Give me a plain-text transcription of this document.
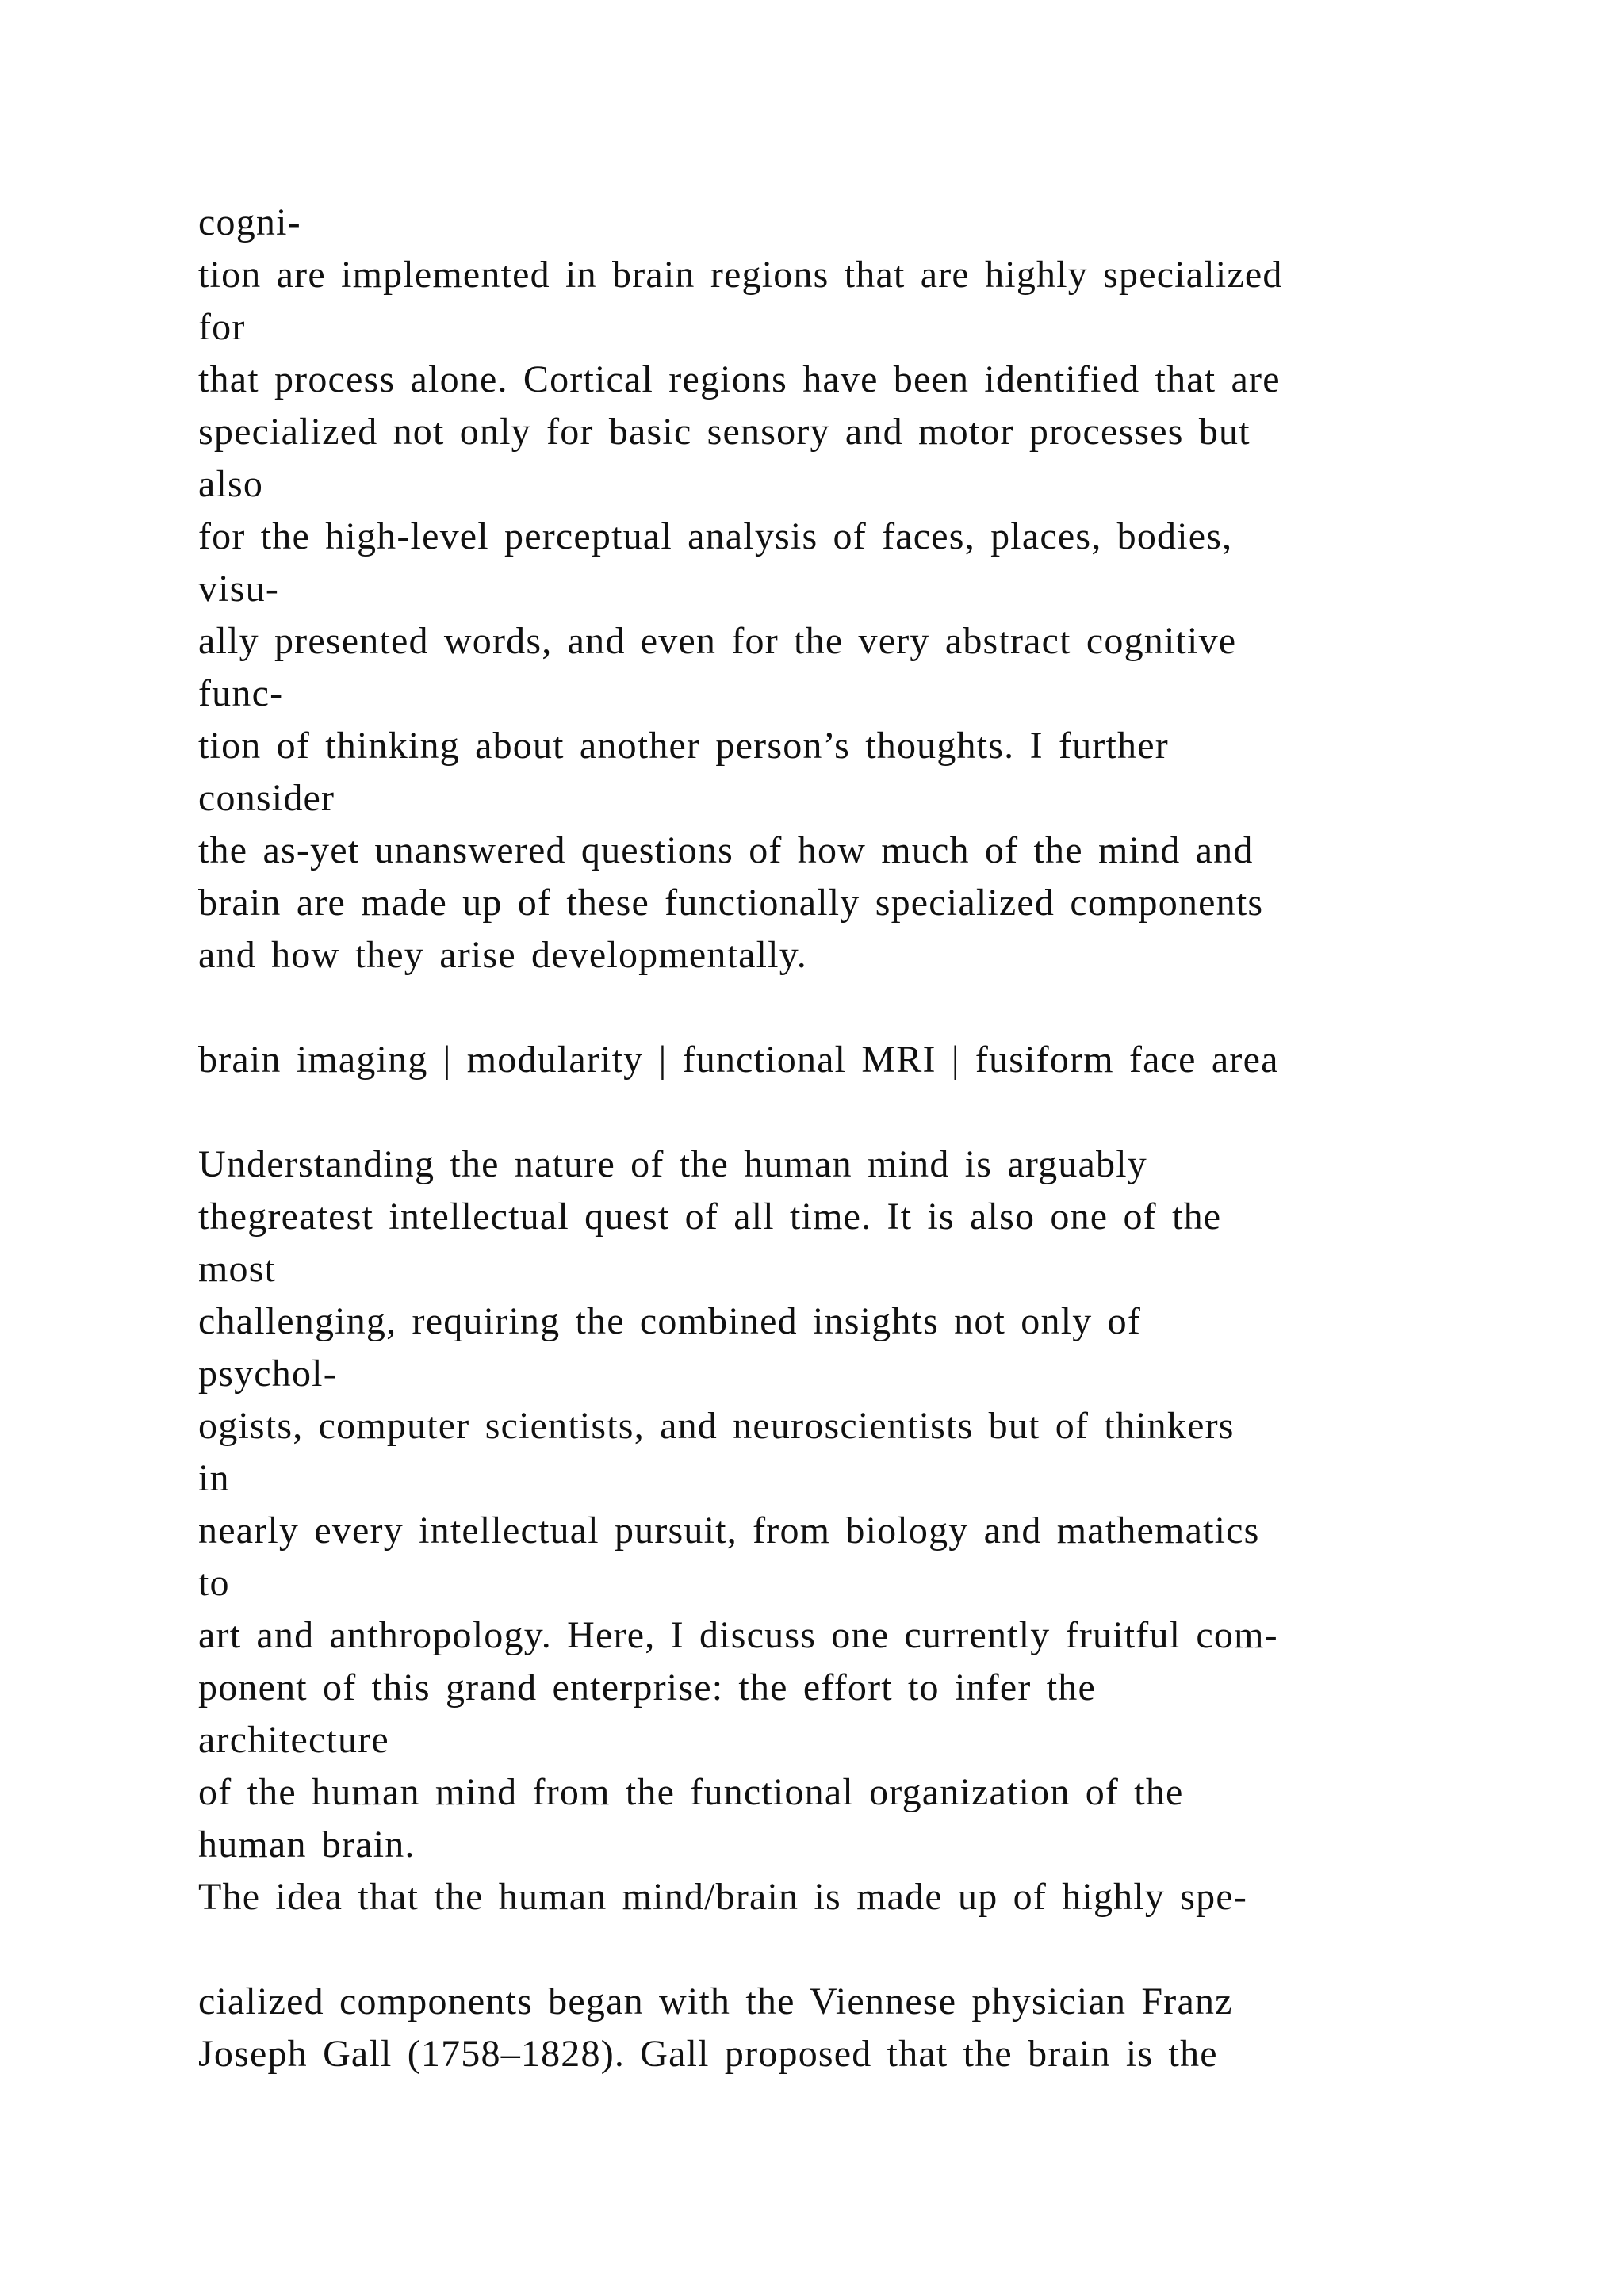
cogni-
tion are implemented in brain regions that are highly specialized
for
that process alone. Cortical regions have been identified that are
specialized not only for basic sensory and motor processes but
also
for the high-level perceptual analysis of faces, places, bodies,
visu-
ally presented words, and even for the very abstract cognitive
func-
tion of thinking about another person’s thoughts. I further
consider
the as-yet unanswered questions of how much of the mind and
brain are made up of these functionally specialized components
and how they arise developmentally.
brain imaging | modularity | functional MRI | fusiform face area
Understanding the nature of the human mind is arguably
thegreatest intellectual quest of all time. It is also one of the
most
challenging, requiring the combined insights not only of
psychol-
ogists, computer scientists, and neuroscientists but of thinkers
in
nearly every intellectual pursuit, from biology and mathematics
to
art and anthropology. Here, I discuss one currently fruitful com-
ponent of this grand enterprise: the effort to infer the
architecture
of the human mind from the functional organization of the
human brain.
The idea that the human mind/brain is made up of highly spe-
cialized components began with the Viennese physician Franz
Joseph Gall (1758–1828). Gall proposed that the brain is the
